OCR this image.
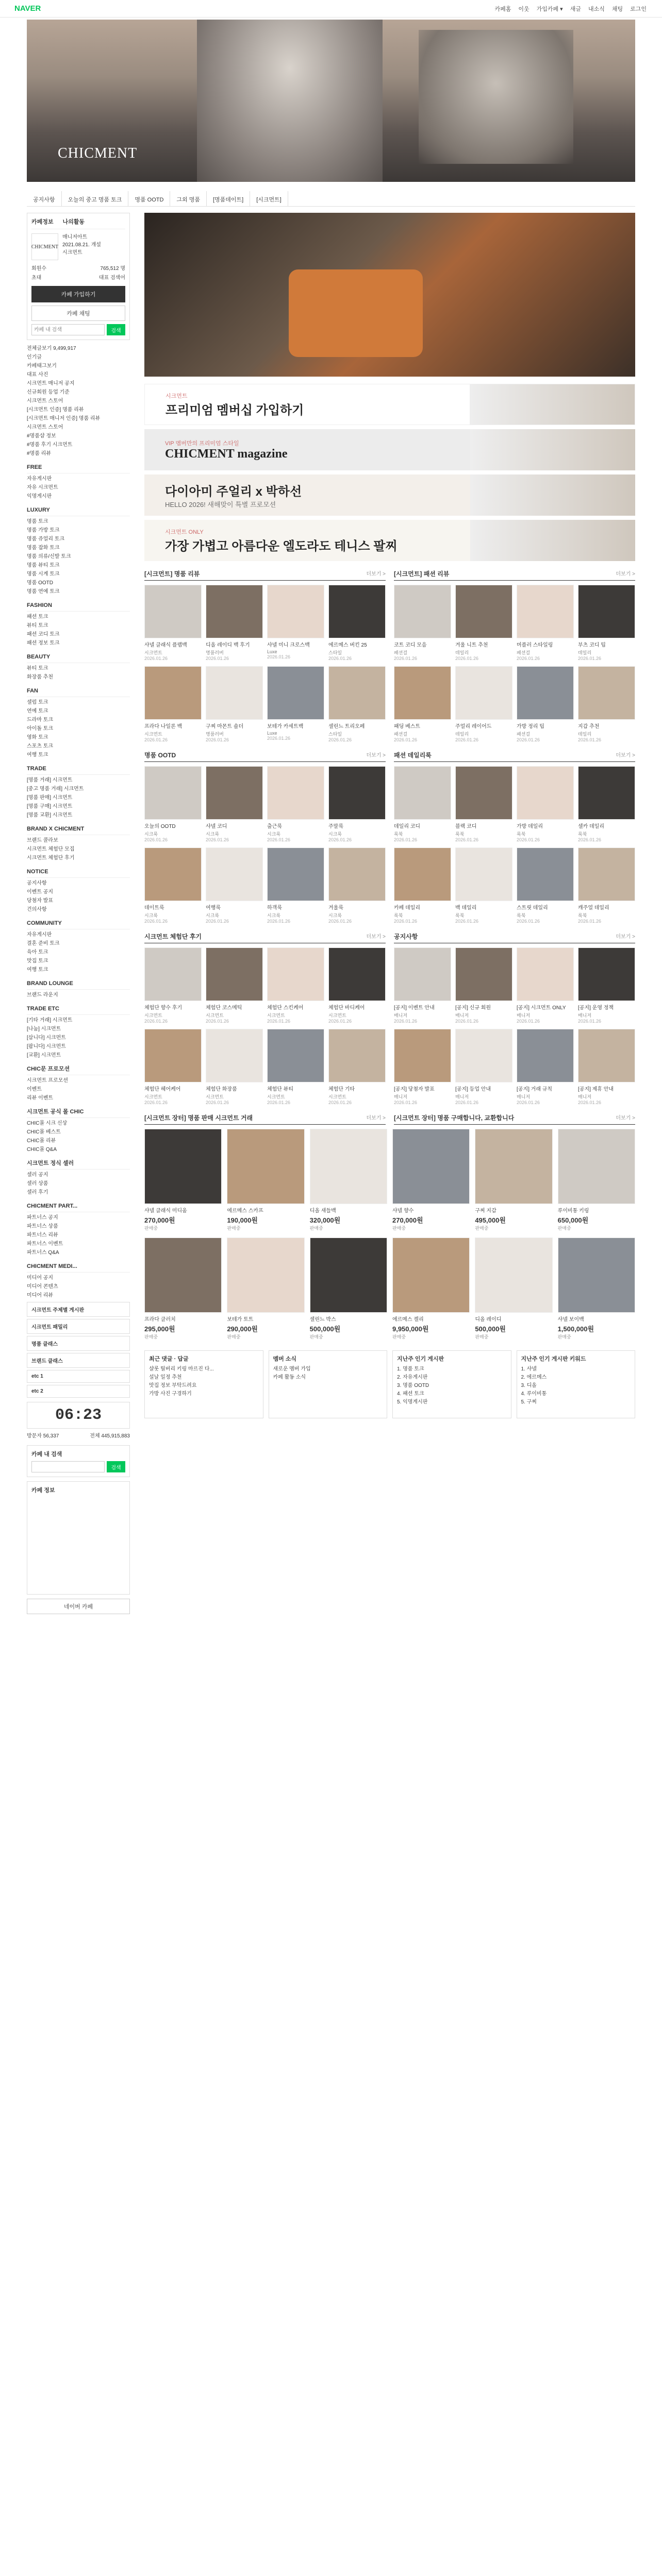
NAVER	카페홈 이웃 가입카페 ▾ 새글 내소식 채팅 로그인
CHICMENT
공지사항	오늘의 중고 명품 토크	명품 OOTD	그외 명품	[명품데이트]	[시크먼트]
카페정보 나의활동
CHICMENT
매니저아트
2021.08.21. 개설
시크먼트
회원수	765,512 명
초대	대표 검색어
카페 가입하기
카페 채팅
카페 내 검색
검색
전체글보기 9,499,917
인기글
카페태그보기
대표 사진
시크먼트 매니저 공지
신규회원 등업 기준
시크먼트 스토어
[시크먼트 인증] 명품 리뷰
[시크먼트 매니저 인증] 명품 리뷰
시크먼트 스토어
#명품샵 정보
#명품 후기 시크먼트
#명품 리뷰
FREE
자유게시판
자유 시크먼트
익명게시판
LUXURY
명품 토크
명품 가방 토크
명품 쥬얼리 토크
명품 잡화 토크
명품 의류/신발 토크
명품 뷰티 토크
명품 시계 토크
명품 OOTD
명품 연예 토크
FASHION
패션 토크
뷰티 토크
패션 코디 토크
패션 정보 토크
BEAUTY
뷰티 토크
화장품 추천
FAN
셀럽 토크
연예 토크
드라마 토크
아이돌 토크
영화 토크
스포츠 토크
여행 토크
TRADE
[명품 거래] 시크먼트
[중고 명품 거래] 시크먼트
[명품 판매] 시크먼트
[명품 구매] 시크먼트
[명품 교환] 시크먼트
BRAND X CHICMENT
브랜드 콜라보
시크먼트 체험단 모집
시크먼트 체험단 후기
NOTICE
공지사항
이벤트 공지
당첨자 발표
건의사항
COMMUNITY
자유게시판
결혼 준비 토크
육아 토크
맛집 토크
여행 토크
BRAND LOUNGE
브랜드 라운지
TRADE ETC
[기타 거래] 시크먼트
[나눔] 시크먼트
[삽니다] 시크먼트
[팝니다] 시크먼트
[교환] 시크먼트
CHIC문 프로모션
시크먼트 프로모션
이벤트
리뷰 이벤트
시크먼트 공식 몰 CHIC
CHIC몰 시크 신상
CHIC몰 베스트
CHIC몰 리뷰
CHIC몰 Q&A
시크먼트 정식 셀러
셀러 공지
셀러 상품
셀러 후기
CHICMENT PART...
파트너스 공지
파트너스 상품
파트너스 리뷰
파트너스 이벤트
파트너스 Q&A
CHICMENT MEDI...
미디어 공지
미디어 콘텐츠
미디어 리뷰
시크먼트 주제별 게시판
시크먼트 패밀리
명품 클래스
브랜드 클래스
etc 1
etc 2
06:23
방문자 56,337	전체 445,915,883
카페 내 검색
검색
카페 정보
네이버 카페
시크먼트
프리미엄 멤버십 가입하기
VIP 멤버만의 프리미엄 스타일
CHICMENT magazine
다이아미 주얼리 x 박하선
HELLO 2026! 새해맞이 특별 프로모션
시크먼트 ONLY
가장 가볍고 아름다운 엘도라도 테니스 팔찌
[시크먼트] 명품 리뷰	더보기 >
샤넬 클래식 플랩백
시크먼트
2026.01.26
디올 레이디 백 후기
명품러버
2026.01.26
샤넬 미니 크로스백
Luxe
2026.01.26
에르메스 버킨 25
스타일
2026.01.26
프라다 나일론 백
시크먼트
2026.01.26
구찌 마몬트 숄더
명품러버
2026.01.26
보테가 카세트백
Luxe
2026.01.26
셀린느 트리오페
스타일
2026.01.26
[시크먼트] 패션 리뷰	더보기 >
코트 코디 모음
패션걸
2026.01.26
겨울 니트 추천
데일리
2026.01.26
머플러 스타일링
패션걸
2026.01.26
부츠 코디 팁
데일리
2026.01.26
패딩 베스트
패션걸
2026.01.26
주얼리 레이어드
데일리
2026.01.26
가방 정리 팁
패션걸
2026.01.26
지갑 추천
데일리
2026.01.26
명품 OOTD	더보기 >
오늘의 OOTD
시크룩
2026.01.26
샤넬 코디
시크룩
2026.01.26
출근룩
시크룩
2026.01.26
주말룩
시크룩
2026.01.26
데이트룩
시크룩
2026.01.26
여행룩
시크룩
2026.01.26
하객룩
시크룩
2026.01.26
겨울룩
시크룩
2026.01.26
패션 데일리룩	더보기 >
데일리 코디
룩북
2026.01.26
블랙 코디
룩북
2026.01.26
가방 데일리
룩북
2026.01.26
셀카 데일리
룩북
2026.01.26
카페 데일리
룩북
2026.01.26
백 데일리
룩북
2026.01.26
스트릿 데일리
룩북
2026.01.26
캐주얼 데일리
룩북
2026.01.26
시크먼트 체험단 후기	더보기 >
체험단 향수 후기
시크먼트
2026.01.26
체험단 코스메틱
시크먼트
2026.01.26
체험단 스킨케어
시크먼트
2026.01.26
체험단 바디케어
시크먼트
2026.01.26
체험단 헤어케어
시크먼트
2026.01.26
체험단 화장품
시크먼트
2026.01.26
체험단 뷰티
시크먼트
2026.01.26
체험단 기타
시크먼트
2026.01.26
공지사항	더보기 >
[공지] 이벤트 안내
매니저
2026.01.26
[공지] 신규 회원
매니저
2026.01.26
[공지] 시크먼트 ONLY
매니저
2026.01.26
[공지] 운영 정책
매니저
2026.01.26
[공지] 당첨자 발표
매니저
2026.01.26
[공지] 등업 안내
매니저
2026.01.26
[공지] 거래 규칙
매니저
2026.01.26
[공지] 제휴 안내
매니저
2026.01.26
[시크먼트 장터] 명품 판매 시크먼트 거래	더보기 > [시크먼트 장터] 명품 구매합니다, 교환합니다	더보기 >
샤넬 클래식 미디움
270,000원
판매중
에르메스 스카프
190,000원
판매중
디올 새들백
320,000원
판매중
샤넬 향수
270,000원
판매중
구찌 지갑
495,000원
판매중
루이비통 키링
650,000원
판매중
프라다 클러치
295,000원
판매중
보테가 토트
290,000원
판매중
셀린느 박스
500,000원
판매중
에르메스 켈리
9,950,000원
판매중
디올 레이디
500,000원
판매중
샤넬 보이백
1,500,000원
판매중
최근 댓글 · 답글
샬롯 틸버리 키링 마르진 다...
설날 일정 추천
맛집 정보 부탁드려요
가방 사진 구경하기
멤버 소식
새로운 멤버 가입
카페 활동 소식
지난주 인기 게시판
1. 명품 토크
2. 자유게시판
3. 명품 OOTD
4. 패션 토크
5. 익명게시판
지난주 인기 게시판 키워드
1. 샤넬
2. 에르메스
3. 디올
4. 루이비통
5. 구찌
